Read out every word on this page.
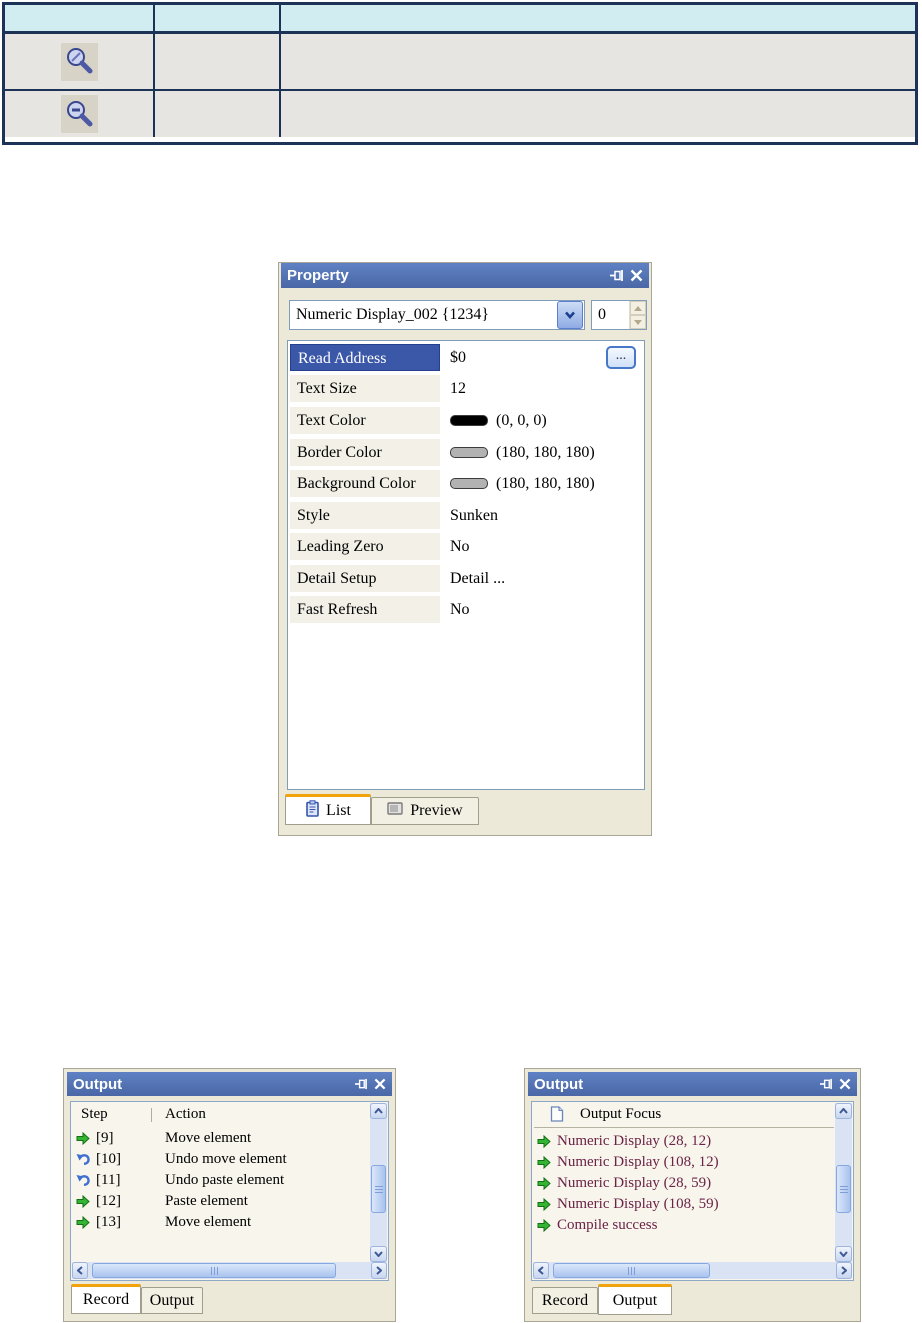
Property
Numeric Display_002 {1234}	0
Read Address	$0	...
Text Size	12
Text Color	(0, 0, 0)
Border Color	(180, 180, 180)
Background Color	(180, 180, 180)
Style	Sunken
Leading Zero	No
Detail Setup	Detail ...
Fast Refresh	No
List	Preview
Output
Step	Action
[9]	Move element
[10]	Undo move element
[11]	Undo paste element
[12]	Paste element
[13]	Move element
Record Output
Output
Output Focus
Numeric Display (28, 12)
Numeric Display (108, 12)
Numeric Display (28, 59)
Numeric Display (108, 59)
Compile success
Record Output
